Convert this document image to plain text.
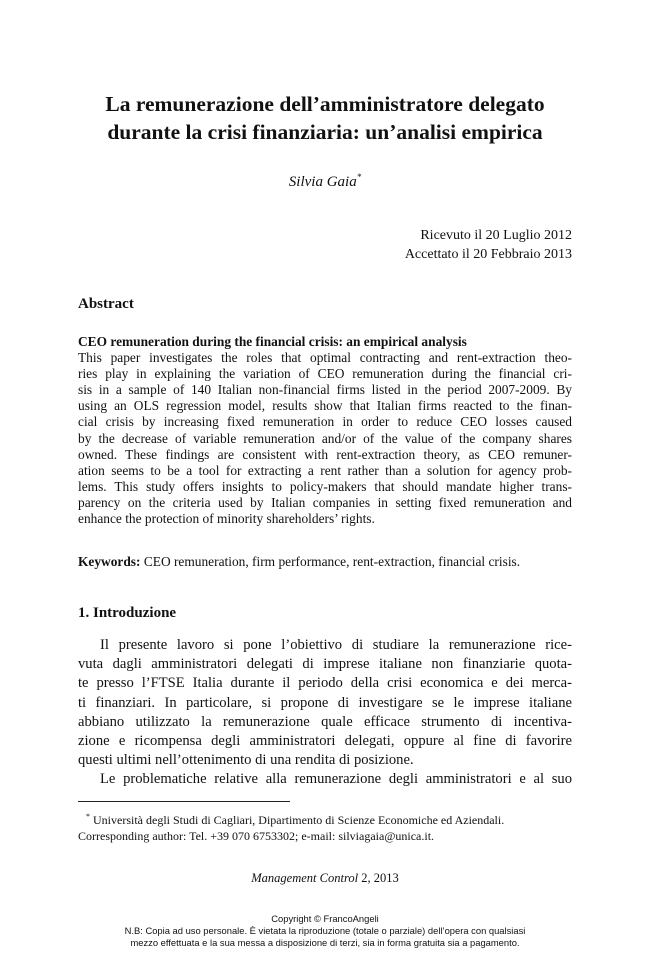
La remunerazione dell’amministratore delegato
durante la crisi finanziaria: un’analisi empirica
Silvia Gaia*
Ricevuto il 20 Luglio 2012
Accettato il 20 Febbraio 2013
Abstract
CEO remuneration during the financial crisis: an empirical analysis
This paper investigates the roles that optimal contracting and rent-extraction theo-
ries play in explaining the variation of CEO remuneration during the financial cri-
sis in a sample of 140 Italian non-financial firms listed in the period 2007-2009. By
using an OLS regression model, results show that Italian firms reacted to the finan-
cial crisis by increasing fixed remuneration in order to reduce CEO losses caused
by the decrease of variable remuneration and/or of the value of the company shares
owned. These findings are consistent with rent-extraction theory, as CEO remuner-
ation seems to be a tool for extracting a rent rather than a solution for agency prob-
lems. This study offers insights to policy-makers that should mandate higher trans-
parency on the criteria used by Italian companies in setting fixed remuneration and
enhance the protection of minority shareholders’ rights.
Keywords: CEO remuneration, firm performance, rent-extraction, financial crisis.
1. Introduzione
Il presente lavoro si pone l’obiettivo di studiare la remunerazione rice-
vuta dagli amministratori delegati di imprese italiane non finanziarie quota-
te presso l’FTSE Italia durante il periodo della crisi economica e dei merca-
ti finanziari. In particolare, si propone di investigare se le imprese italiane
abbiano utilizzato la remunerazione quale efficace strumento di incentiva-
zione e ricompensa degli amministratori delegati, oppure al fine di favorire
questi ultimi nell’ottenimento di una rendita di posizione.
Le problematiche relative alla remunerazione degli amministratori e al suo
* Università degli Studi di Cagliari, Dipartimento di Scienze Economiche ed Aziendali.
Corresponding author: Tel. +39 070 6753302; e-mail: silviagaia@unica.it.
Management Control 2, 2013
Copyright © FrancoAngeli
N.B: Copia ad uso personale. È vietata la riproduzione (totale o parziale) dell’opera con qualsiasi
mezzo effettuata e la sua messa a disposizione di terzi, sia in forma gratuita sia a pagamento.
